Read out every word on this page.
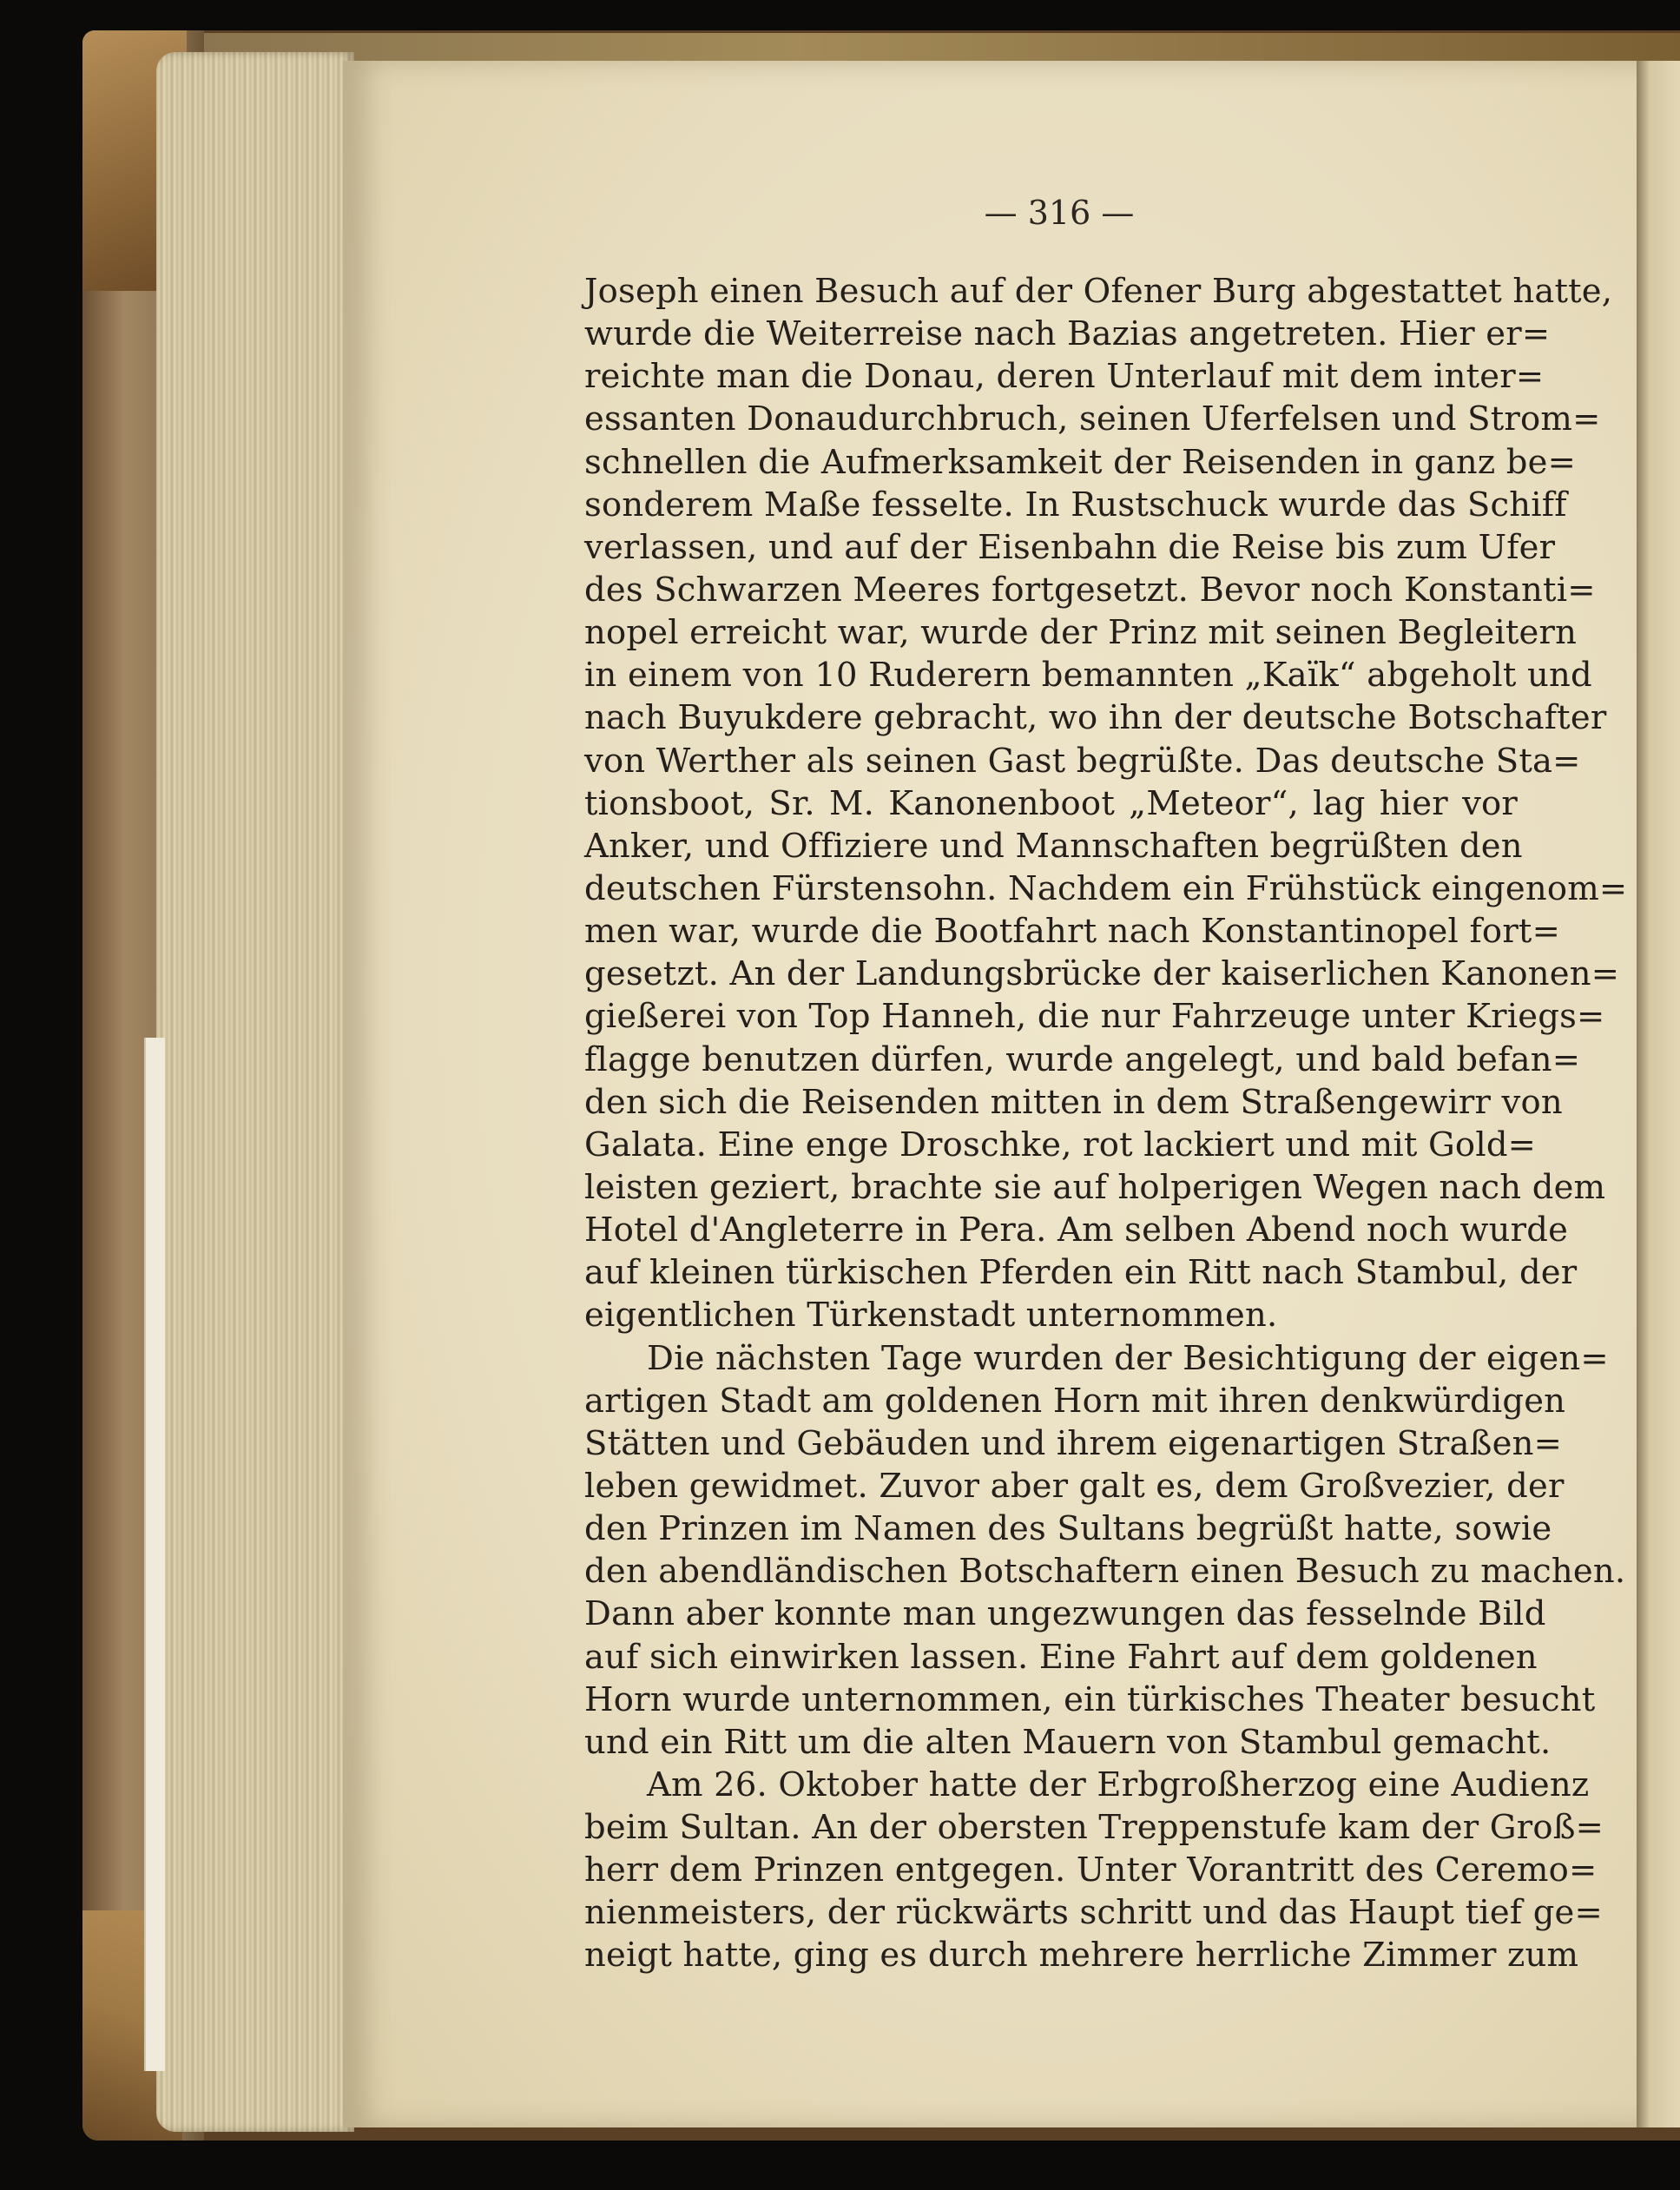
— 316 —
Joseph einen Besuch auf der Ofener Burg abgestattet hatte,
wurde die Weiterreise nach Bazias angetreten. Hier er=
reichte man die Donau, deren Unterlauf mit dem inter=
essanten Donaudurchbruch, seinen Uferfelsen und Strom=
schnellen die Aufmerksamkeit der Reisenden in ganz be=
sonderem Maße fesselte. In Rustschuck wurde das Schiff
verlassen, und auf der Eisenbahn die Reise bis zum Ufer
des Schwarzen Meeres fortgesetzt. Bevor noch Konstanti=
nopel erreicht war, wurde der Prinz mit seinen Begleitern
in einem von 10 Ruderern bemannten „Kaïk“ abgeholt und
nach Buyukdere gebracht, wo ihn der deutsche Botschafter
von Werther als seinen Gast begrüßte. Das deutsche Sta=
tionsboot, Sr. M. Kanonenboot „Meteor“, lag hier vor
Anker, und Offiziere und Mannschaften begrüßten den
deutschen Fürstensohn. Nachdem ein Frühstück eingenom=
men war, wurde die Bootfahrt nach Konstantinopel fort=
gesetzt. An der Landungsbrücke der kaiserlichen Kanonen=
gießerei von Top Hanneh, die nur Fahrzeuge unter Kriegs=
flagge benutzen dürfen, wurde angelegt, und bald befan=
den sich die Reisenden mitten in dem Straßengewirr von
Galata. Eine enge Droschke, rot lackiert und mit Gold=
leisten geziert, brachte sie auf holperigen Wegen nach dem
Hotel d'Angleterre in Pera. Am selben Abend noch wurde
auf kleinen türkischen Pferden ein Ritt nach Stambul, der
eigentlichen Türkenstadt unternommen.
Die nächsten Tage wurden der Besichtigung der eigen=
artigen Stadt am goldenen Horn mit ihren denkwürdigen
Stätten und Gebäuden und ihrem eigenartigen Straßen=
leben gewidmet. Zuvor aber galt es, dem Großvezier, der
den Prinzen im Namen des Sultans begrüßt hatte, sowie
den abendländischen Botschaftern einen Besuch zu machen.
Dann aber konnte man ungezwungen das fesselnde Bild
auf sich einwirken lassen. Eine Fahrt auf dem goldenen
Horn wurde unternommen, ein türkisches Theater besucht
und ein Ritt um die alten Mauern von Stambul gemacht.
Am 26. Oktober hatte der Erbgroßherzog eine Audienz
beim Sultan. An der obersten Treppenstufe kam der Groß=
herr dem Prinzen entgegen. Unter Vorantritt des Ceremo=
nienmeisters, der rückwärts schritt und das Haupt tief ge=
neigt hatte, ging es durch mehrere herrliche Zimmer zum
